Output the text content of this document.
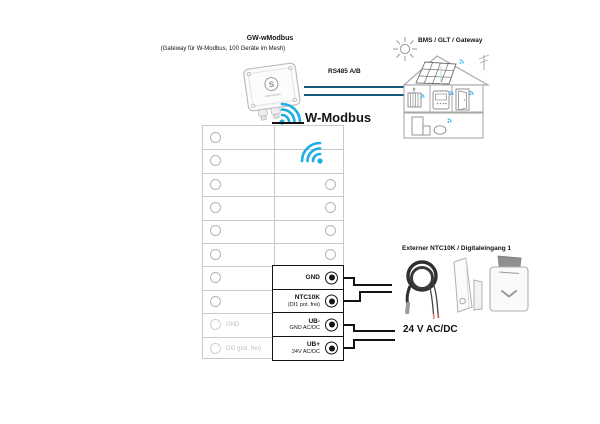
GW-wModbus
(Gateway für W-Modbus, 100 Geräte im Mesh)
S
RS485 A/B
BMS / GLT / Gateway
W-Modbus
GND
DI2 (pot. frei)
GND
NTC10K
(DI1 pot. frei)
UB-
GND AC/DC
UB+
24V AC/DC
Externer NTC10K / Digitaleingang 1
24 V AC/DC
